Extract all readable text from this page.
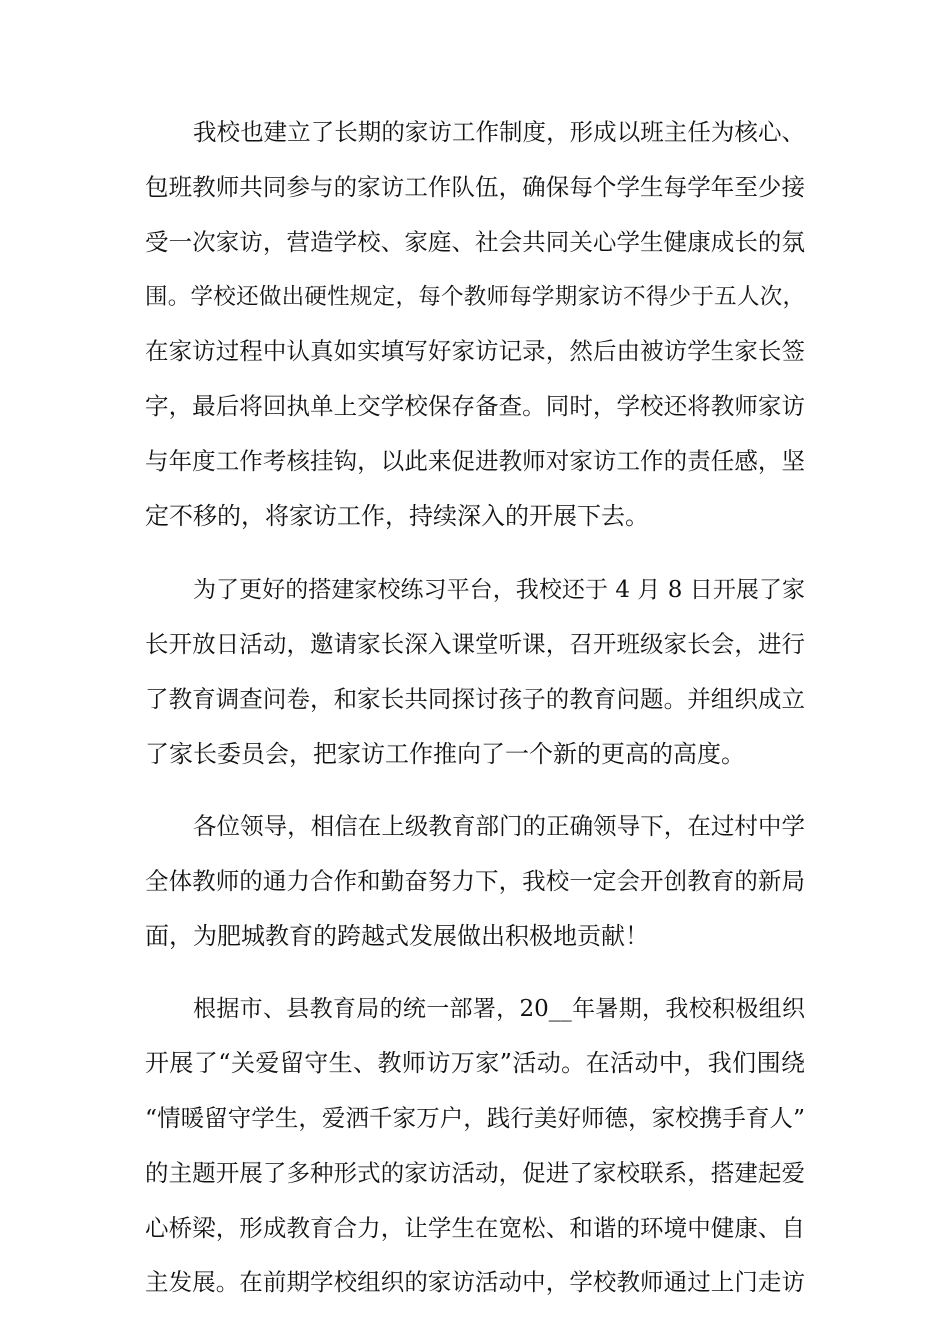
我校也建立了长期的家访工作制度，形成以班主任为核心、

包班教师共同参与的家访工作队伍，确保每个学生每学年至少接

受一次家访，营造学校、家庭、社会共同关心学生健康成长的氛

围。学校还做出硬性规定，每个教师每学期家访不得少于五人次，

在家访过程中认真如实填写好家访记录，然后由被访学生家长签

字，最后将回执单上交学校保存备查。同时，学校还将教师家访

与年度工作考核挂钩，以此来促进教师对家访工作的责任感，坚

定不移的，将家访工作，持续深入的开展下去。

为了更好的搭建家校练习平台，我校还于 4 月 8 日开展了家

长开放日活动，邀请家长深入课堂听课，召开班级家长会，进行

了教育调查问卷，和家长共同探讨孩子的教育问题。并组织成立

了家长委员会，把家访工作推向了一个新的更高的高度。

各位领导，相信在上级教育部门的正确领导下，在过村中学

全体教师的通力合作和勤奋努力下，我校一定会开创教育的新局

面，为肥城教育的跨越式发展做出积极地贡献！

根据市、县教育局的统一部署，20__年暑期，我校积极组织

开展了“关爱留守生、教师访万家”活动。在活动中，我们围绕

“情暖留守学生，爱洒千家万户，践行美好师德，家校携手育人”

的主题开展了多种形式的家访活动，促进了家校联系，搭建起爱

心桥梁，形成教育合力，让学生在宽松、和谐的环境中健康、自

主发展。在前期学校组织的家访活动中，学校教师通过上门走访
